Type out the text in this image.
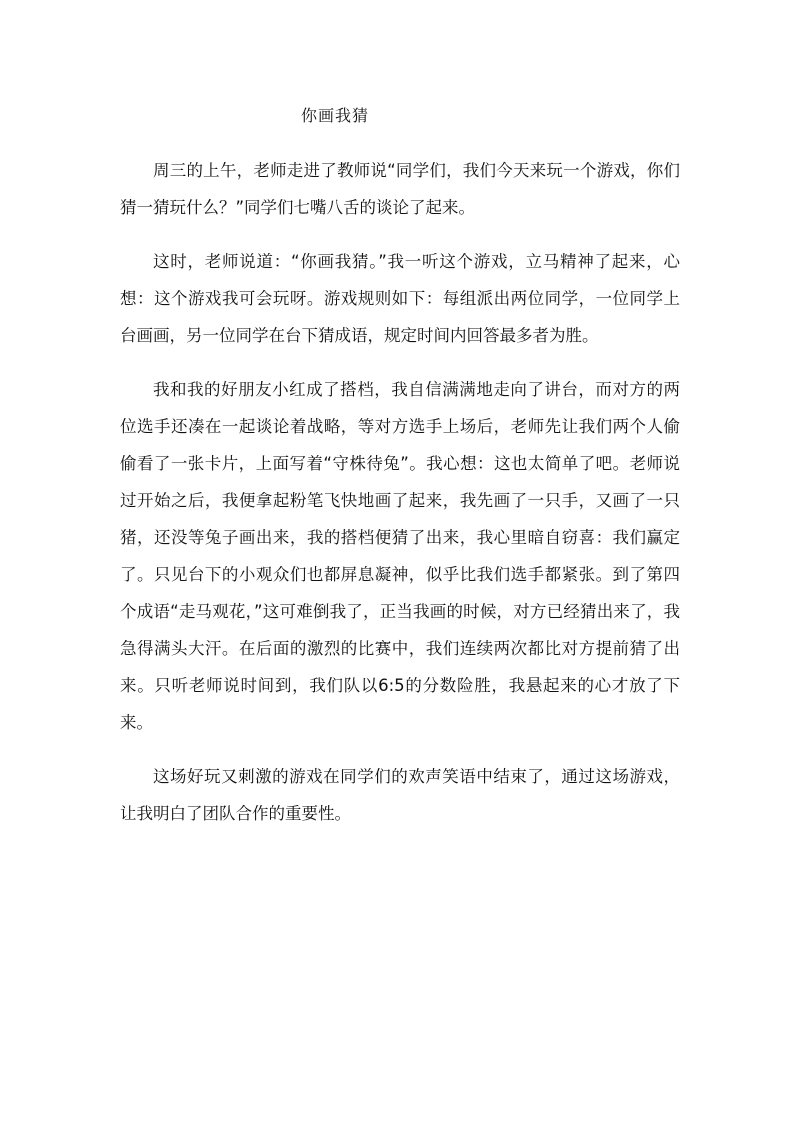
你画我猜

周三的上午，老师走进了教师说“同学们，我们今天来玩一个游戏，你们猜一猜玩什么？”同学们七嘴八舌的谈论了起来。

这时，老师说道：“你画我猜。”我一听这个游戏，立马精神了起来，心想：这个游戏我可会玩呀。游戏规则如下：每组派出两位同学，一位同学上台画画，另一位同学在台下猜成语，规定时间内回答最多者为胜。

我和我的好朋友小红成了搭档，我自信满满地走向了讲台，而对方的两位选手还凑在一起谈论着战略，等对方选手上场后，老师先让我们两个人偷偷看了一张卡片，上面写着“守株待兔”。我心想：这也太简单了吧。老师说过开始之后，我便拿起粉笔飞快地画了起来，我先画了一只手，又画了一只猪，还没等兔子画出来，我的搭档便猜了出来，我心里暗自窃喜：我们赢定了。只见台下的小观众们也都屏息凝神，似乎比我们选手都紧张。到了第四个成语“走马观花，”这可难倒我了，正当我画的时候，对方已经猜出来了，我急得满头大汗。在后面的激烈的比赛中，我们连续两次都比对方提前猜了出来。只听老师说时间到，我们队以6:5的分数险胜，我悬起来的心才放了下来。

这场好玩又刺激的游戏在同学们的欢声笑语中结束了，通过这场游戏，让我明白了团队合作的重要性。
